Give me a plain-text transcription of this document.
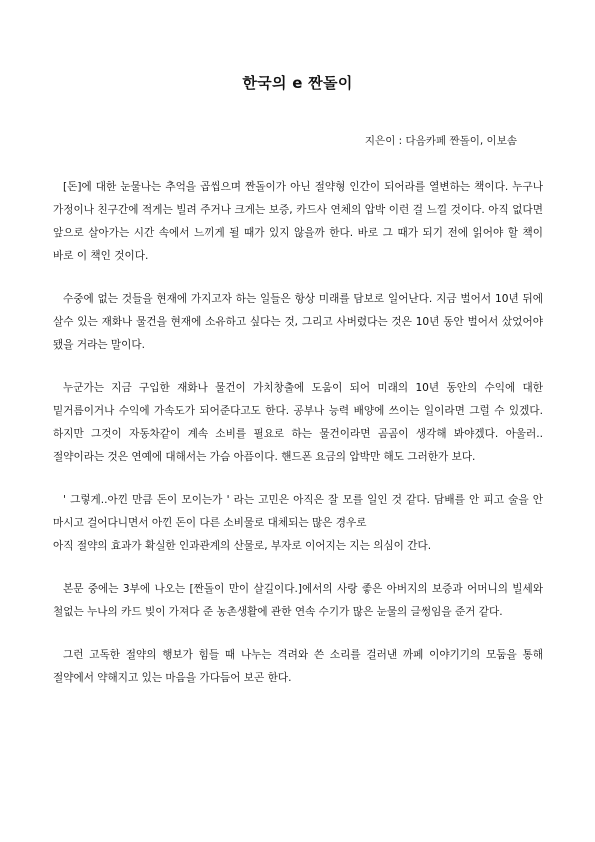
한국의 e 짠돌이
지은이 : 다음카페 짠돌이, 이보솜

[돈]에 대한 눈물나는 추억을 곱씹으며 짠돌이가 아닌 절약형 인간이 되어라를 열변하는 책이다. 누구나 가정이나 친구간에 적게는 빌려 주거나 크게는 보증, 카드사 연체의 압박 이런 걸 느낄 것이다. 아직 없다면 앞으로 살아가는 시간 속에서 느끼게 될 때가 있지 않을까 한다. 바로 그 때가 되기 전에 읽어야 할 책이 바로 이 책인 것이다.

수중에 없는 것들을 현재에 가지고자 하는 일들은 항상 미래를 담보로 일어난다. 지금 벌어서 10년 뒤에 살수 있는 재화나 물건을 현재에 소유하고 싶다는 것, 그리고 사버렸다는 것은 10년 동안 벌어서 샀었어야 됐을 거라는 말이다.

누군가는 지금 구입한 재화나 물건이 가치창출에 도움이 되어 미래의 10년 동안의 수익에 대한 밑거름이거나 수익에 가속도가 되어준다고도 한다. 공부나 능력 배양에 쓰이는 일이라면 그럴 수 있겠다. 하지만 그것이 자동차같이 계속 소비를 필요로 하는 물건이라면 곰곰이 생각해 봐야겠다. 아울러..절약이라는 것은 연예에 대해서는 가슴 아픔이다. 핸드폰 요금의 압박만 해도 그러한가 보다.

' 그렇게..아낀 만큼 돈이 모이는가 ' 라는 고민은 아직은 잘 모를 일인 것 같다. 담배를 안 피고 술을 안 마시고 걸어다니면서 아낀 돈이 다른 소비물로 대체되는 많은 경우로
아직 절약의 효과가 확실한 인과관계의 산물로, 부자로 이어지는 지는 의심이 간다.

본문 중에는 3부에 나오는 [짠돌이 만이 살길이다.]에서의 사랑 좋은 아버지의 보증과 어머니의 빌세와 철없는 누나의 카드 빚이 가져다 준 농촌생활에 관한 연속 수기가 많은 눈물의 글썽임을 준거 같다.

그런 고독한 절약의 행보가 힘들 때 나누는 격려와 쓴 소리를 걸러낸 까페 이야기기의 모둠을 통해 절약에서 약해지고 있는 마음을 가다듬어 보곤 한다.
